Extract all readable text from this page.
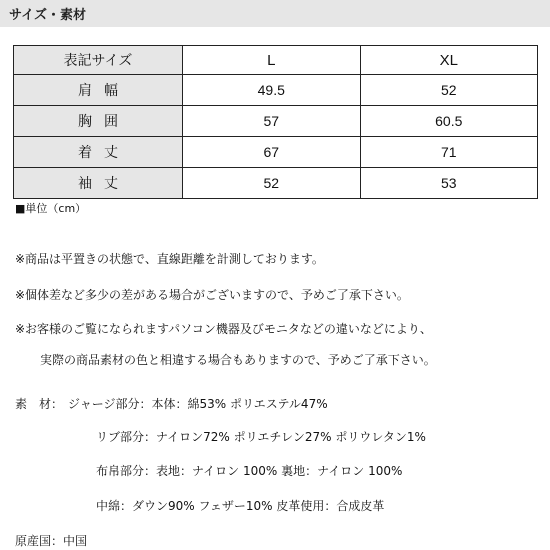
サイズ・素材
表記サイズ	L	XL
肩幅	49.5	52
胸囲	57	60.5
着丈	67	71
袖丈	52	53
■単位（cm）
※商品は平置きの状態で、直線距離を計測しております。
※個体差など多少の差がある場合がございますので、予めご了承下さい。
※お客様のご覧になられますパソコン機器及びモニタなどの違いなどにより、
実際の商品素材の色と相違する場合もありますので、予めご了承下さい。
素　材： ジャージ部分：本体：綿53% ポリエステル47%
リブ部分：ナイロン72% ポリエチレン27% ポリウレタン1%
布帛部分：表地：ナイロン 100% 裏地：ナイロン 100%
中綿：ダウン90% フェザー10% 皮革使用：合成皮革
原産国：中国
